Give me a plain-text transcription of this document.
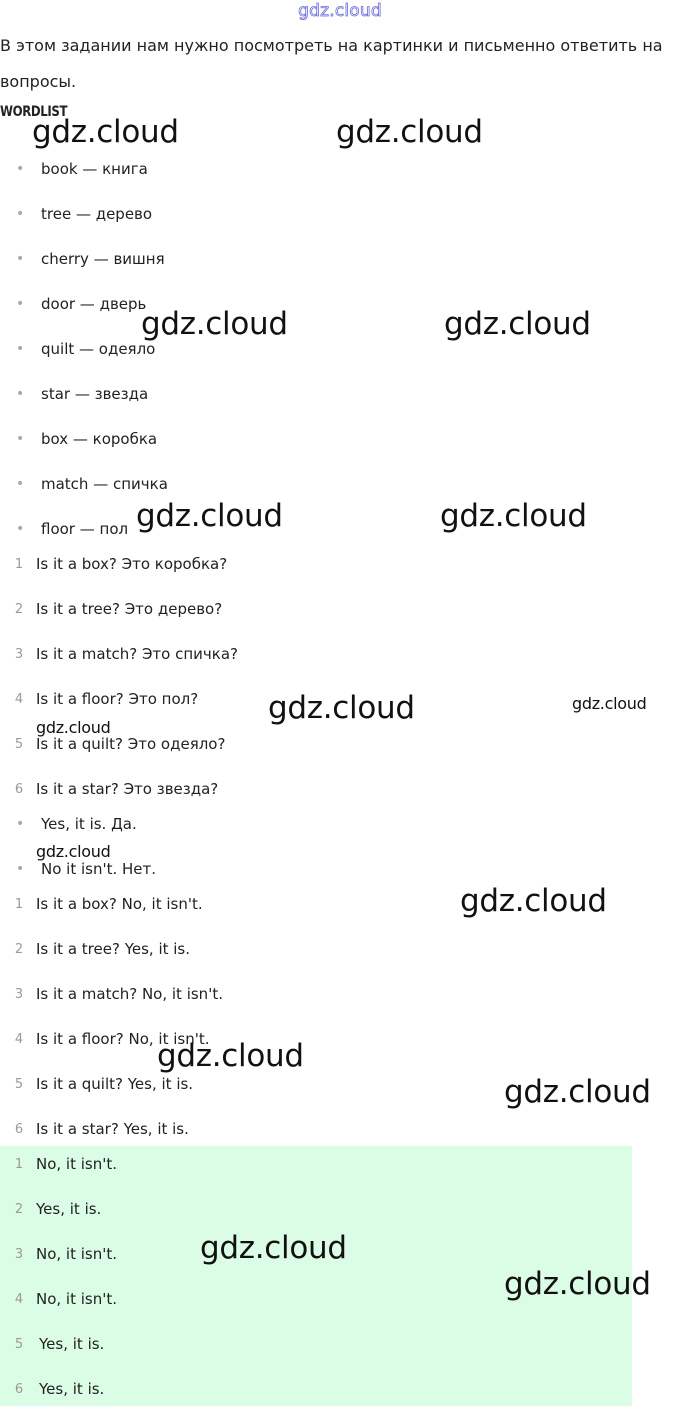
gdz.cloud
В этом задании нам нужно посмотреть на картинки и письменно ответить на вопросы.
WORDLIST
• book — книга
• tree — дерево
• cherry — вишня
• door — дверь
• quilt — одеяло
• star — звезда
• box — коробка
• match — спичка
• floor — пол
1 Is it a box? Это коробка?
2 Is it a tree? Это дерево?
3 Is it a match? Это спичка?
4 Is it a floor? Это пол?
5 Is it a quilt? Это одеяло?
6 Is it a star? Это звезда?
• Yes, it is. Да.
• No it isn't. Нет.
1 Is it a box? No, it isn't.
2 Is it a tree? Yes, it is.
3 Is it a match? No, it isn't.
4 Is it a floor? No, it isn't.
5 Is it a quilt? Yes, it is.
6 Is it a star? Yes, it is.
1 No, it isn't.
2 Yes, it is.
3 No, it isn't.
4 No, it isn't.
5 Yes, it is.
6 Yes, it is.
gdz.cloud	gdz.cloud
gdz.cloud	gdz.cloud
gdz.cloud	gdz.cloud
gdz.cloud	gdz.cloud
gdz.cloud
gdz.cloud
gdz.cloud
gdz.cloud
gdz.cloud
gdz.cloud
gdz.cloud
